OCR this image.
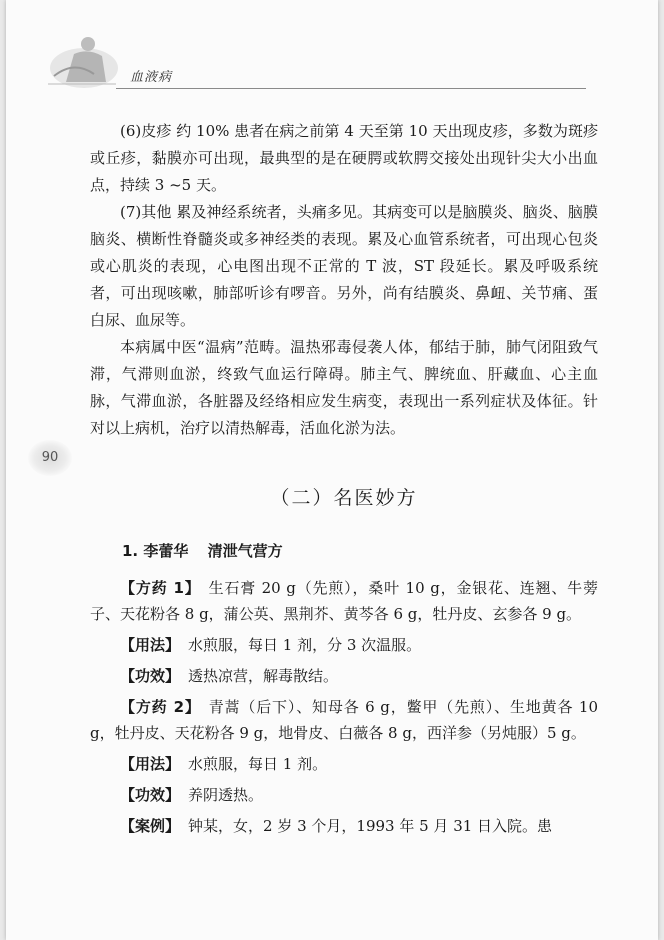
血液病
90

(6)皮疹 约 10% 患者在病之前第 4 天至第 10 天出现皮疹，多数为斑疹或丘疹，黏膜亦可出现，最典型的是在硬腭或软腭交接处出现针尖大小出血点，持续 3 ~5 天。

(7)其他 累及神经系统者，头痛多见。其病变可以是脑膜炎、脑炎、脑膜脑炎、横断性脊髓炎或多神经类的表现。累及心血管系统者，可出现心包炎或心肌炎的表现，心电图出现不正常的 T 波，ST 段延长。累及呼吸系统者，可出现咳嗽，肺部听诊有啰音。另外，尚有结膜炎、鼻衄、关节痛、蛋白尿、血尿等。

本病属中医“温病”范畴。温热邪毒侵袭人体，郁结于肺，肺气闭阻致气滞，气滞则血淤，终致气血运行障碍。肺主气、脾统血、肝藏血、心主血脉，气滞血淤，各脏器及经络相应发生病变，表现出一系列症状及体征。针对以上病机，治疗以清热解毒，活血化淤为法。

（二）名医妙方
1. 李蕾华 清泄气营方

【方药 1】 生石膏 20 g（先煎），桑叶 10 g，金银花、连翘、牛蒡子、天花粉各 8 g，蒲公英、黑荆芥、黄芩各 6 g，牡丹皮、玄参各 9 g。

【用法】 水煎服，每日 1 剂，分 3 次温服。

【功效】 透热凉营，解毒散结。

【方药 2】 青蒿（后下）、知母各 6 g，鳖甲（先煎）、生地黄各 10 g，牡丹皮、天花粉各 9 g，地骨皮、白薇各 8 g，西洋参（另炖服）5 g。

【用法】 水煎服，每日 1 剂。

【功效】 养阴透热。

【案例】 钟某，女，2 岁 3 个月，1993 年 5 月 31 日入院。患
